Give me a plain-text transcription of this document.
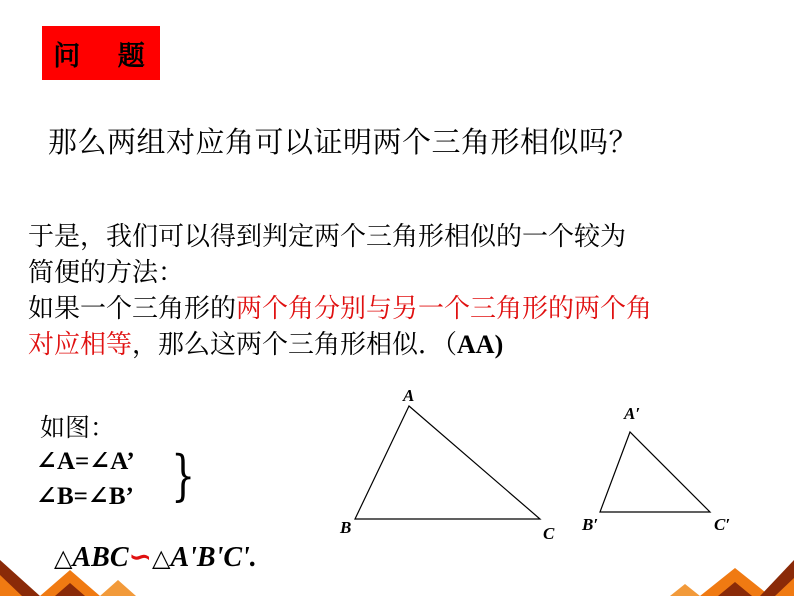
问 题
那么两组对应角可以证明两个三角形相似吗？
于是，我们可以得到判定两个三角形相似的一个较为
简便的方法：
如果一个三角形的两个角分别与另一个三角形的两个角
对应相等，那么这两个三角形相似．（AA)
如图：
∠A=∠A’
∠B=∠B’ }
△ABC∽△A'B'C'.
A
B	C
A′
B′	C′
